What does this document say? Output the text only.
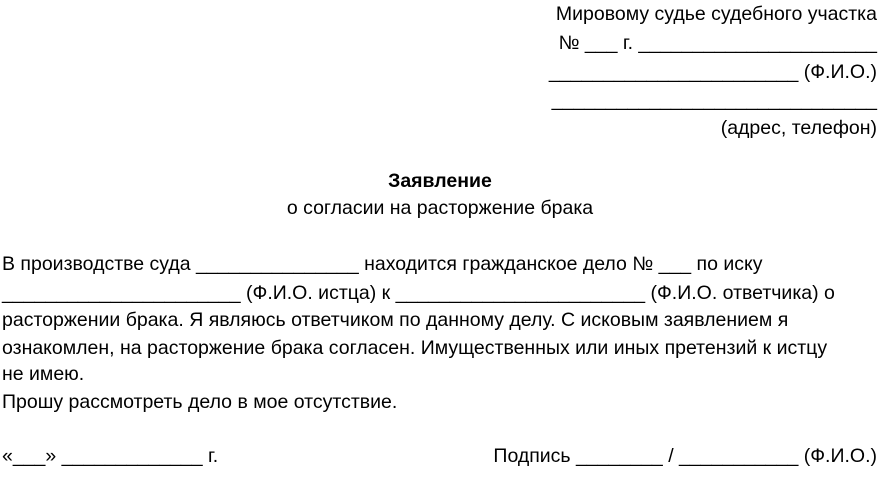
Мировому судье судебного участка
№ ___ г. ______________________
_______________________ (Ф.И.О.)
______________________________
(адрес, телефон)
Заявление
о согласии на расторжение брака
В производстве суда _______________ находится гражданское дело № ___ по иску
______________________ (Ф.И.О. истца) к _______________________ (Ф.И.О. ответчика) о
расторжении брака. Я являюсь ответчиком по данному делу. С исковым заявлением я
ознакомлен, на расторжение брака согласен. Имущественных или иных претензий к истцу
не имею.
Прошу рассмотреть дело в мое отсутствие.
«___» _____________ г.	Подпись ________ / ___________ (Ф.И.О.)
